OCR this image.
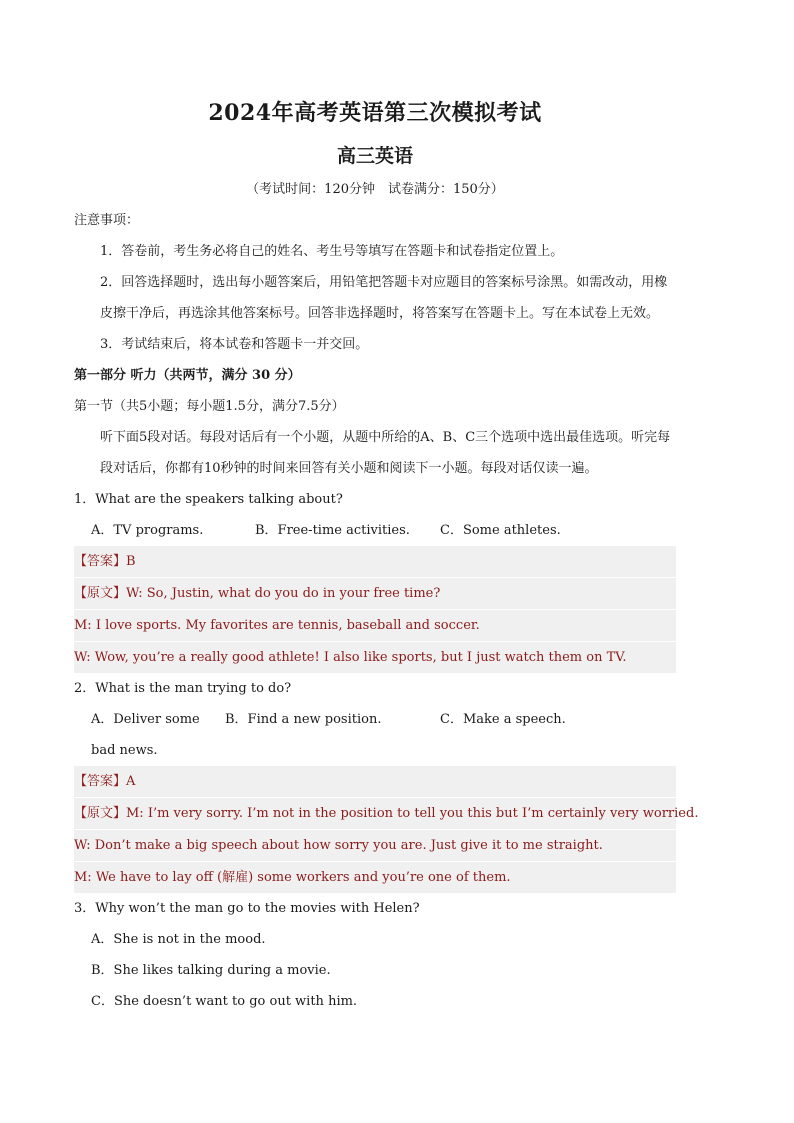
2024年高考英语第三次模拟考试
高三英语
（考试时间：120分钟　试卷满分：150分）
注意事项：
1．答卷前，考生务必将自己的姓名、考生号等填写在答题卡和试卷指定位置上。
2．回答选择题时，选出每小题答案后，用铅笔把答题卡对应题目的答案标号涂黑。如需改动，用橡皮擦干净后，再选涂其他答案标号。回答非选择题时，将答案写在答题卡上。写在本试卷上无效。
3．考试结束后，将本试卷和答题卡一并交回。
第一部分 听力（共两节，满分 30 分）
第一节（共5小题；每小题1.5分，满分7.5分）
听下面5段对话。每段对话后有一个小题，从题中所给的A、B、C三个选项中选出最佳选项。听完每段对话后，你都有10秒钟的时间来回答有关小题和阅读下一小题。每段对话仅读一遍。
1．What are the speakers talking about?
A．TV programs.	B．Free-time activities.	C．Some athletes.
【答案】B
【原文】W: So, Justin, what do you do in your free time?
M: I love sports. My favorites are tennis, baseball and soccer.
W: Wow, you’re a really good athlete! I also like sports, but I just watch them on TV.
2．What is the man trying to do?
A．Deliver some bad news.
B．Find a new position.	C．Make a speech.
【答案】A
【原文】M: I’m very sorry. I’m not in the position to tell you this but I’m certainly very worried.
W: Don’t make a big speech about how sorry you are. Just give it to me straight.
M: We have to lay off (解雇) some workers and you’re one of them.
3．Why won’t the man go to the movies with Helen?
A．She is not in the mood.
B．She likes talking during a movie.
C．She doesn’t want to go out with him.
